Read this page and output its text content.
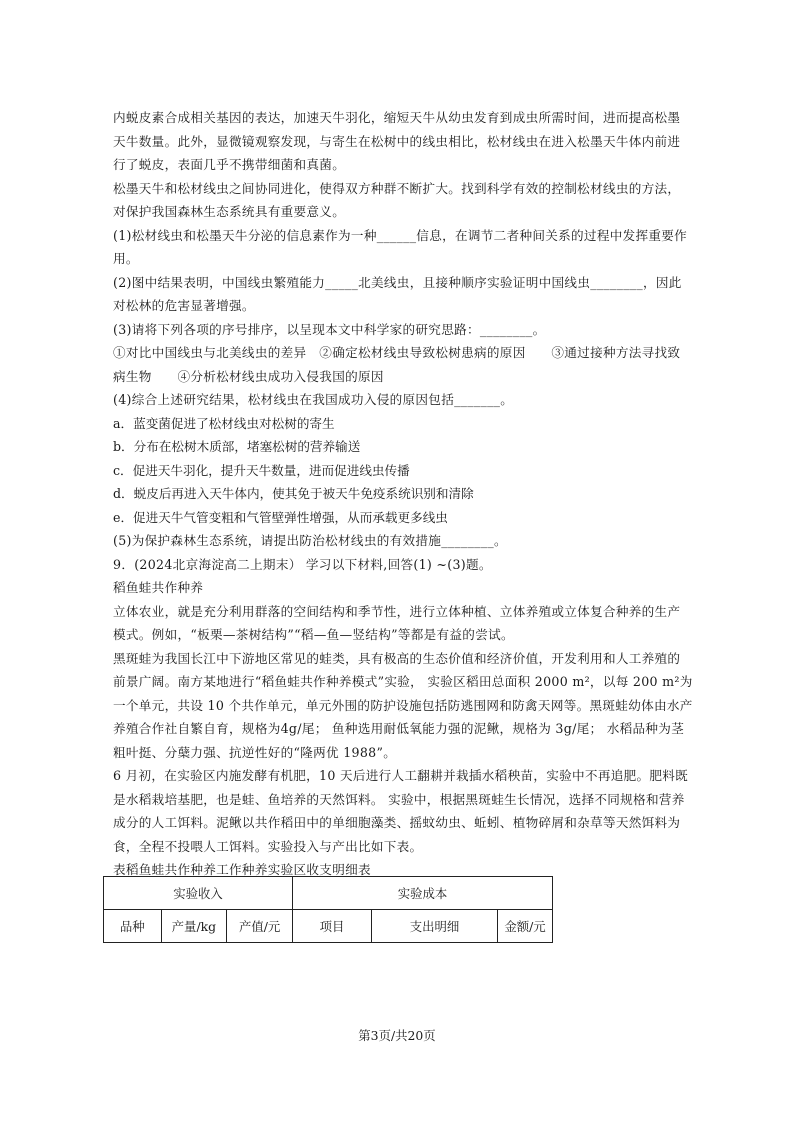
内蜕皮素合成相关基因的表达，加速天牛羽化，缩短天牛从幼虫发育到成虫所需时间，进而提高松墨天牛数量。此外，显微镜观察发现，与寄生在松树中的线虫相比，松材线虫在进入松墨天牛体内前进行了蜕皮，表面几乎不携带细菌和真菌。

松墨天牛和松材线虫之间协同进化，使得双方种群不断扩大。找到科学有效的控制松材线虫的方法，对保护我国森林生态系统具有重要意义。

(1)松材线虫和松墨天牛分泌的信息素作为一种______信息，在调节二者种间关系的过程中发挥重要作用。

(2)图中结果表明，中国线虫繁殖能力_____北美线虫，且接种顺序实验证明中国线虫________，因此对松林的危害显著增强。

(3)请将下列各项的序号排序，以呈现本文中科学家的研究思路：________。

①对比中国线虫与北美线虫的差异　②确定松材线虫导致松树患病的原因　　③通过接种方法寻找致病生物　　④分析松材线虫成功入侵我国的原因

(4)综合上述研究结果，松材线虫在我国成功入侵的原因包括_______。

a．蓝变菌促进了松材线虫对松树的寄生

b．分布在松树木质部，堵塞松树的营养输送

c．促进天牛羽化，提升天牛数量，进而促进线虫传播

d．蜕皮后再进入天牛体内，使其免于被天牛免疫系统识别和清除

e．促进天牛气管变粗和气管壁弹性增强，从而承载更多线虫

(5)为保护森林生态系统，请提出防治松材线虫的有效措施________。

9．(2024北京海淀高二上期末） 学习以下材料,回答(1) ~(3)题。

稻鱼蛙共作种养

立体农业，就是充分利用群落的空间结构和季节性，进行立体种植、立体养殖或立体复合种养的生产模式。例如，“板栗—茶树结构”“稻—鱼—竖结构”等都是有益的尝试。

黑斑蛙为我国长江中下游地区常见的蛙类，具有极高的生态价值和经济价值，开发利用和人工养殖的前景广阔。南方某地进行“稻鱼蛙共作种养模式”实验， 实验区稻田总面积 2000 m²，以每 200 m²为一个单元，共设 10 个共作单元，单元外围的防护设施包括防逃围网和防禽天网等。黑斑蛙幼体由水产养殖合作社自繁自育，规格为4g/尾； 鱼种选用耐低氧能力强的泥鳅，规格为 3g/尾； 水稻品种为茎粗叶挺、分蘖力强、抗逆性好的“隆两优 1988”。

6 月初，在实验区内施发酵有机肥，10 天后进行人工翻耕并栽插水稻秧苗，实验中不再追肥。肥料既是水稻栽培基肥，也是蛙、鱼培养的天然饵料。 实验中，根据黑斑蛙生长情况，选择不同规格和营养成分的人工饵料。泥鳅以共作稻田中的单细胞藻类、摇蚊幼虫、蚯蚓、植物碎屑和杂草等天然饵料为食，全程不投喂人工饵料。实验投入与产出比如下表。

表稻鱼蛙共作种养工作种养实验区收支明细表

实验收入			实验成本		
品种	产量/kg	产值/元	项目	支出明细	金额/元
第3页/共20页
